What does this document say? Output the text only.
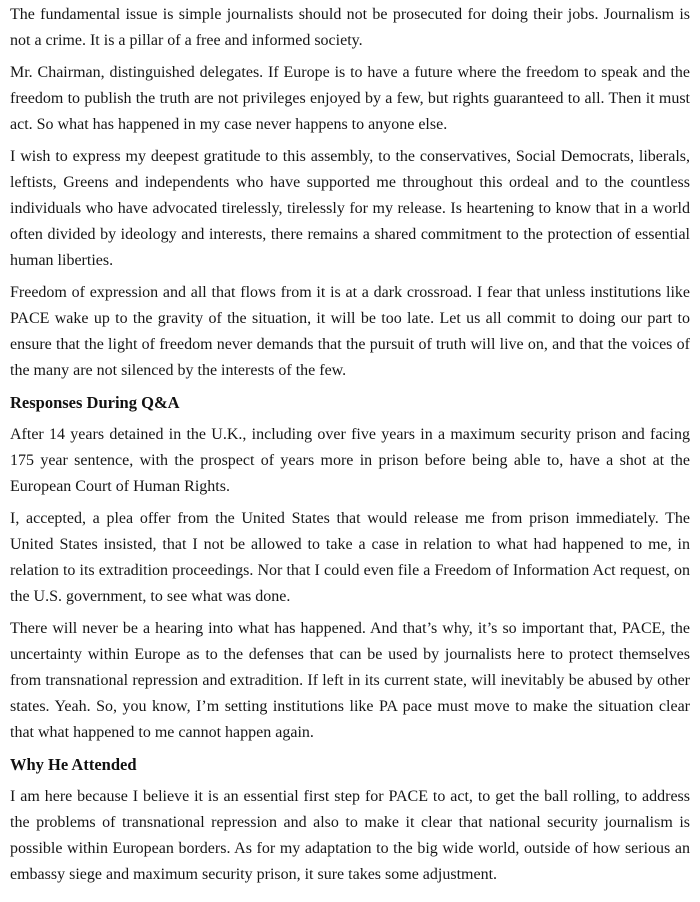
The fundamental issue is simple journalists should not be prosecuted for doing their jobs. Journalism is not a crime. It is a pillar of a free and informed society.

Mr. Chairman, distinguished delegates. If Europe is to have a future where the freedom to speak and the freedom to publish the truth are not privileges enjoyed by a few, but rights guaranteed to all. Then it must act. So what has happened in my case never happens to anyone else.

I wish to express my deepest gratitude to this assembly, to the conservatives, Social Democrats, liberals, leftists, Greens and independents who have supported me throughout this ordeal and to the countless individuals who have advocated tirelessly, tirelessly for my release. Is heartening to know that in a world often divided by ideology and interests, there remains a shared commitment to the protection of essential human liberties.

Freedom of expression and all that flows from it is at a dark crossroad. I fear that unless institutions like PACE wake up to the gravity of the situation, it will be too late. Let us all commit to doing our part to ensure that the light of freedom never demands that the pursuit of truth will live on, and that the voices of the many are not silenced by the interests of the few.

Responses During Q&A

After 14 years detained in the U.K., including over five years in a maximum security prison and facing 175 year sentence, with the prospect of years more in prison before being able to, have a shot at the European Court of Human Rights.

I, accepted, a plea offer from the United States that would release me from prison immediately. The United States insisted, that I not be allowed to take a case in relation to what had happened to me, in relation to its extradition proceedings. Nor that I could even file a Freedom of Information Act request, on the U.S. government, to see what was done.

There will never be a hearing into what has happened. And that’s why, it’s so important that, PACE, the uncertainty within Europe as to the defenses that can be used by journalists here to protect themselves from transnational repression and extradition. If left in its current state, will inevitably be abused by other states. Yeah. So, you know, I’m setting institutions like PA pace must move to make the situation clear that what happened to me cannot happen again.

Why He Attended

I am here because I believe it is an essential first step for PACE to act, to get the ball rolling, to address the problems of transnational repression and also to make it clear that national security journalism is possible within European borders. As for my adaptation to the big wide world, outside of how serious an embassy siege and maximum security prison, it sure takes some adjustment.
